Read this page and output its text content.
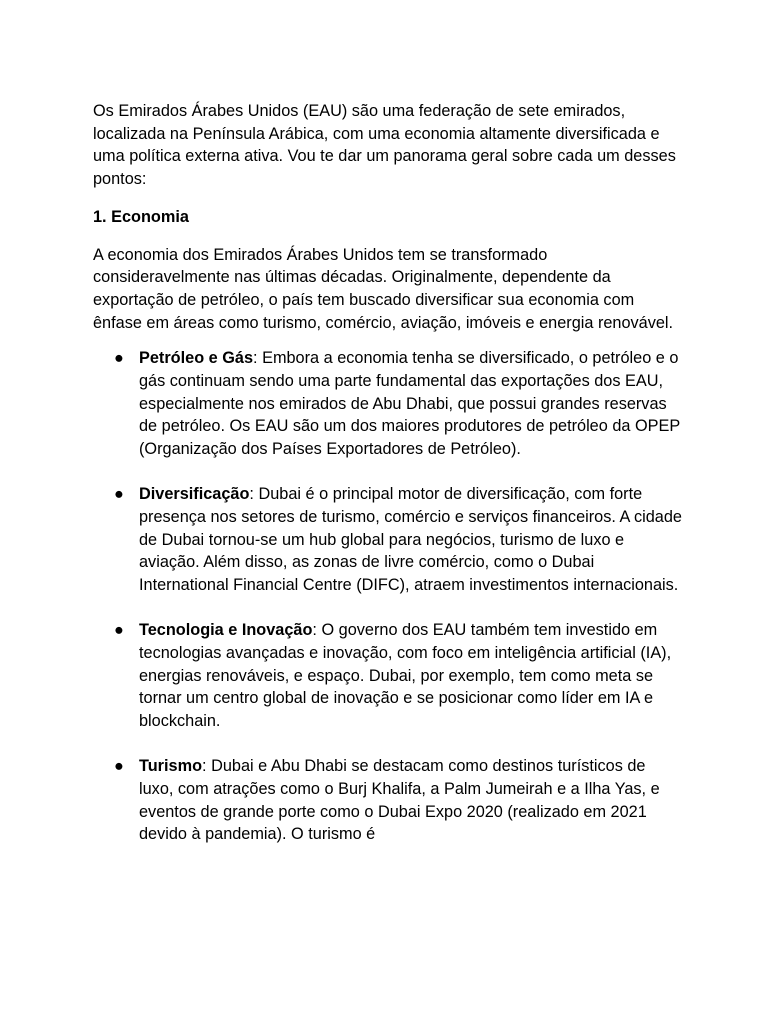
Os Emirados Árabes Unidos (EAU) são uma federação de sete emirados, localizada na Península Arábica, com uma economia altamente diversificada e uma política externa ativa. Vou te dar um panorama geral sobre cada um desses pontos:

1. Economia

A economia dos Emirados Árabes Unidos tem se transformado consideravelmente nas últimas décadas. Originalmente, dependente da exportação de petróleo, o país tem buscado diversificar sua economia com ênfase em áreas como turismo, comércio, aviação, imóveis e energia renovável.

● Petróleo e Gás: Embora a economia tenha se diversificado, o petróleo e o gás continuam sendo uma parte fundamental das exportações dos EAU, especialmente nos emirados de Abu Dhabi, que possui grandes reservas de petróleo. Os EAU são um dos maiores produtores de petróleo da OPEP (Organização dos Países Exportadores de Petróleo).

● Diversificação: Dubai é o principal motor de diversificação, com forte presença nos setores de turismo, comércio e serviços financeiros. A cidade de Dubai tornou-se um hub global para negócios, turismo de luxo e aviação. Além disso, as zonas de livre comércio, como o Dubai International Financial Centre (DIFC), atraem investimentos internacionais.

● Tecnologia e Inovação: O governo dos EAU também tem investido em tecnologias avançadas e inovação, com foco em inteligência artificial (IA), energias renováveis, e espaço. Dubai, por exemplo, tem como meta se tornar um centro global de inovação e se posicionar como líder em IA e blockchain.

● Turismo: Dubai e Abu Dhabi se destacam como destinos turísticos de luxo, com atrações como o Burj Khalifa, a Palm Jumeirah e a Ilha Yas, e eventos de grande porte como o Dubai Expo 2020 (realizado em 2021 devido à pandemia). O turismo é
